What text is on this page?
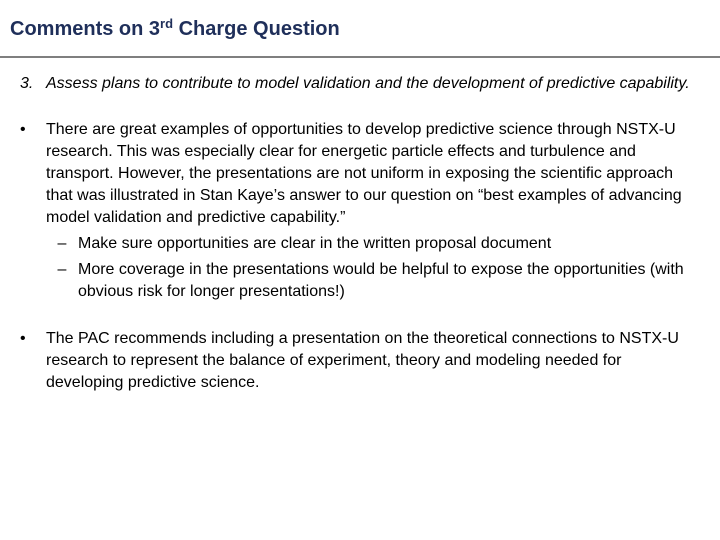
Comments on 3rd Charge Question
3. Assess plans to contribute to model validation and the development of predictive capability.
•	There are great examples of opportunities to develop predictive science through NSTX-U research. This was especially clear for energetic particle effects and turbulence and transport. However, the presentations are not uniform in exposing the scientific approach that was illustrated in Stan Kaye’s answer to our question on “best examples of advancing model validation and predictive capability.”
– Make sure opportunities are clear in the written proposal document
– More coverage in the presentations would be helpful to expose the opportunities (with obvious risk for longer presentations!)
•	The PAC recommends including a presentation on the theoretical connections to NSTX-U research to represent the balance of experiment, theory and modeling needed for developing predictive science.
